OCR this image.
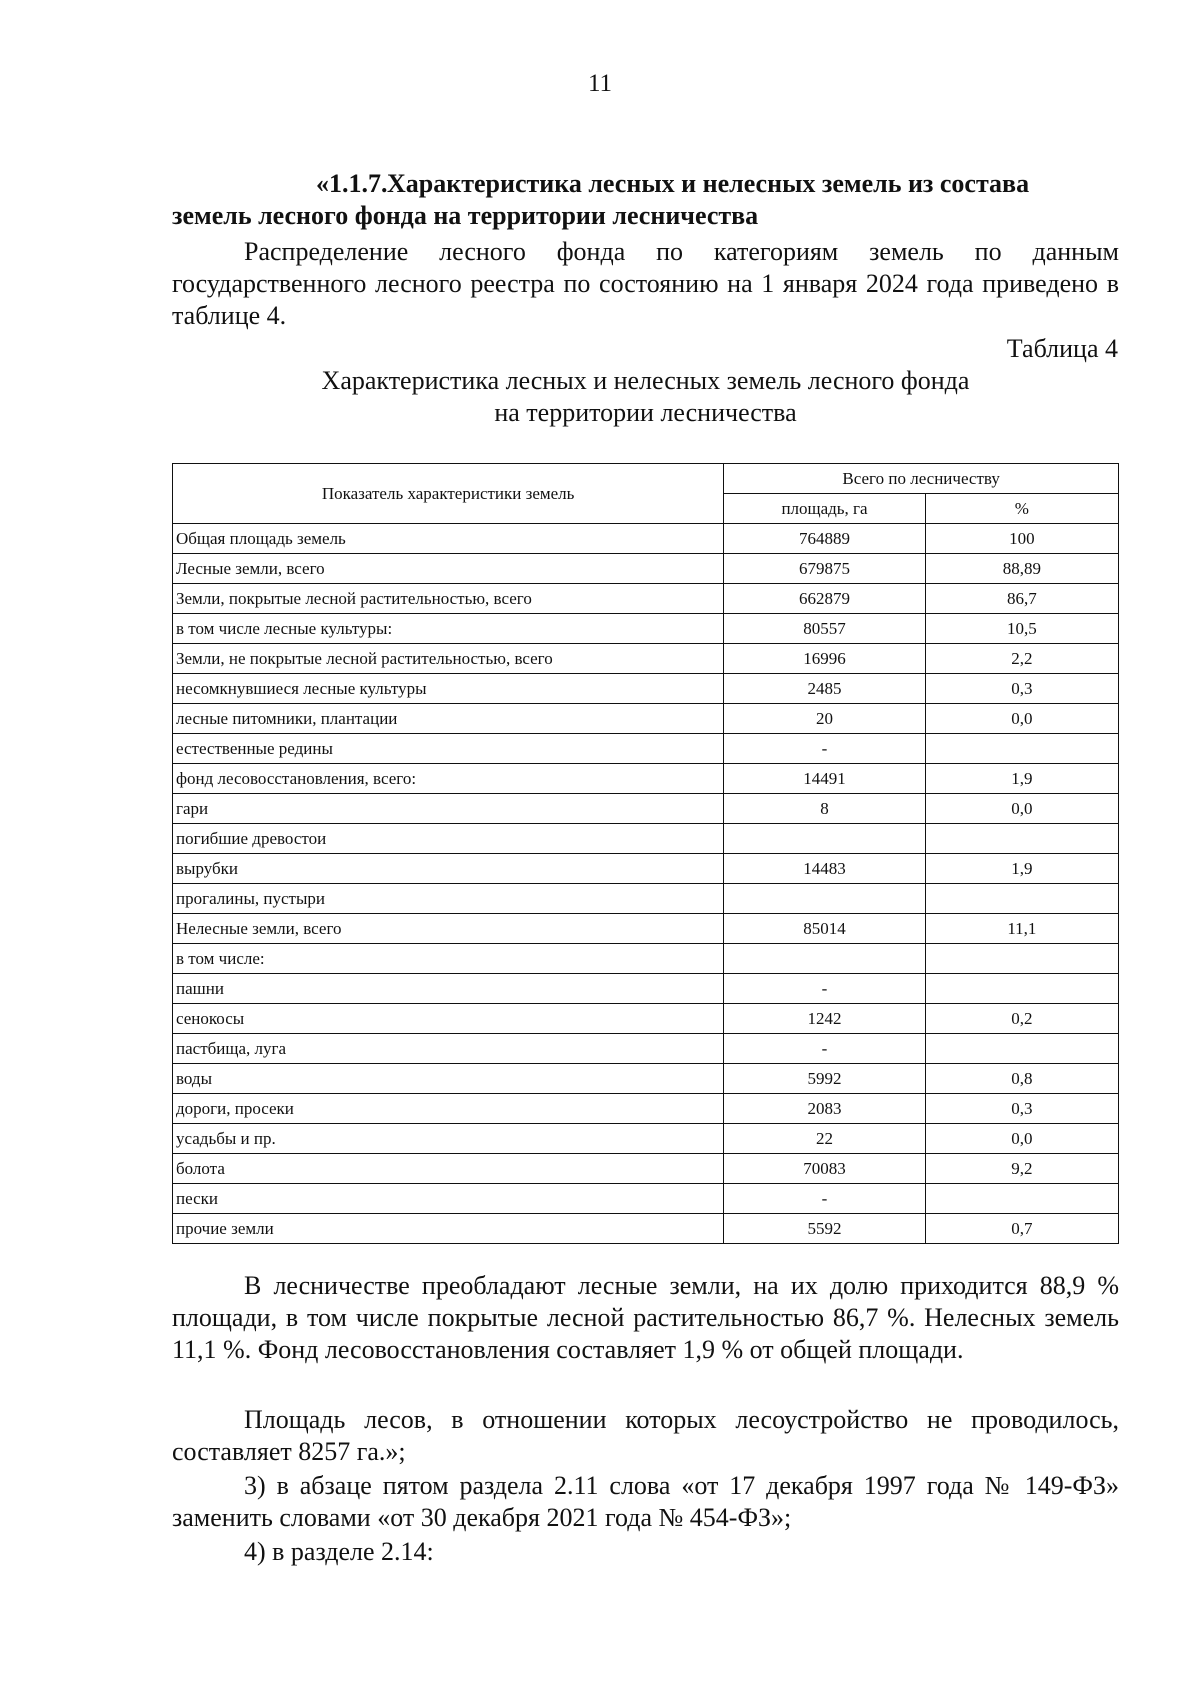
11
«1.1.7.Характеристика лесных и нелесных земель из состава
земель лесного фонда на территории лесничества
Распределение лесного фонда по категориям земель по данным государственного лесного реестра по состоянию на 1 января 2024 года приведено в таблице 4.
Таблица 4
Характеристика лесных и нелесных земель лесного фонда
на территории лесничества
Показатель характеристики земель	Всего по лесничеству	
	площадь, га	%
Общая площадь земель	764889	100
Лесные земли, всего	679875	88,89
Земли, покрытые лесной растительностью, всего	662879	86,7
в том числе лесные культуры:	80557	10,5
Земли, не покрытые лесной растительностью, всего	16996	2,2
несомкнувшиеся лесные культуры	2485	0,3
лесные питомники, плантации	20	0,0
естественные редины	-	
фонд лесовосстановления, всего:	14491	1,9
гари	8	0,0
погибшие древостои		
вырубки	14483	1,9
прогалины, пустыри		
Нелесные земли, всего	85014	11,1
в том числе:		
пашни	-	
сенокосы	1242	0,2
пастбища, луга	-	
воды	5992	0,8
дороги, просеки	2083	0,3
усадьбы и пр.	22	0,0
болота	70083	9,2
пески	-	
прочие земли	5592	0,7
В лесничестве преобладают лесные земли, на их долю приходится 88,9 % площади, в том числе покрытые лесной растительностью 86,7 %. Нелесных земель 11,1 %. Фонд лесовосстановления составляет 1,9 % от общей площади.
Площадь лесов, в отношении которых лесоустройство не проводилось, составляет 8257 га.»;
3) в абзаце пятом раздела 2.11 слова «от 17 декабря 1997 года № 149-ФЗ» заменить словами «от 30 декабря 2021 года № 454-ФЗ»;
4) в разделе 2.14:
